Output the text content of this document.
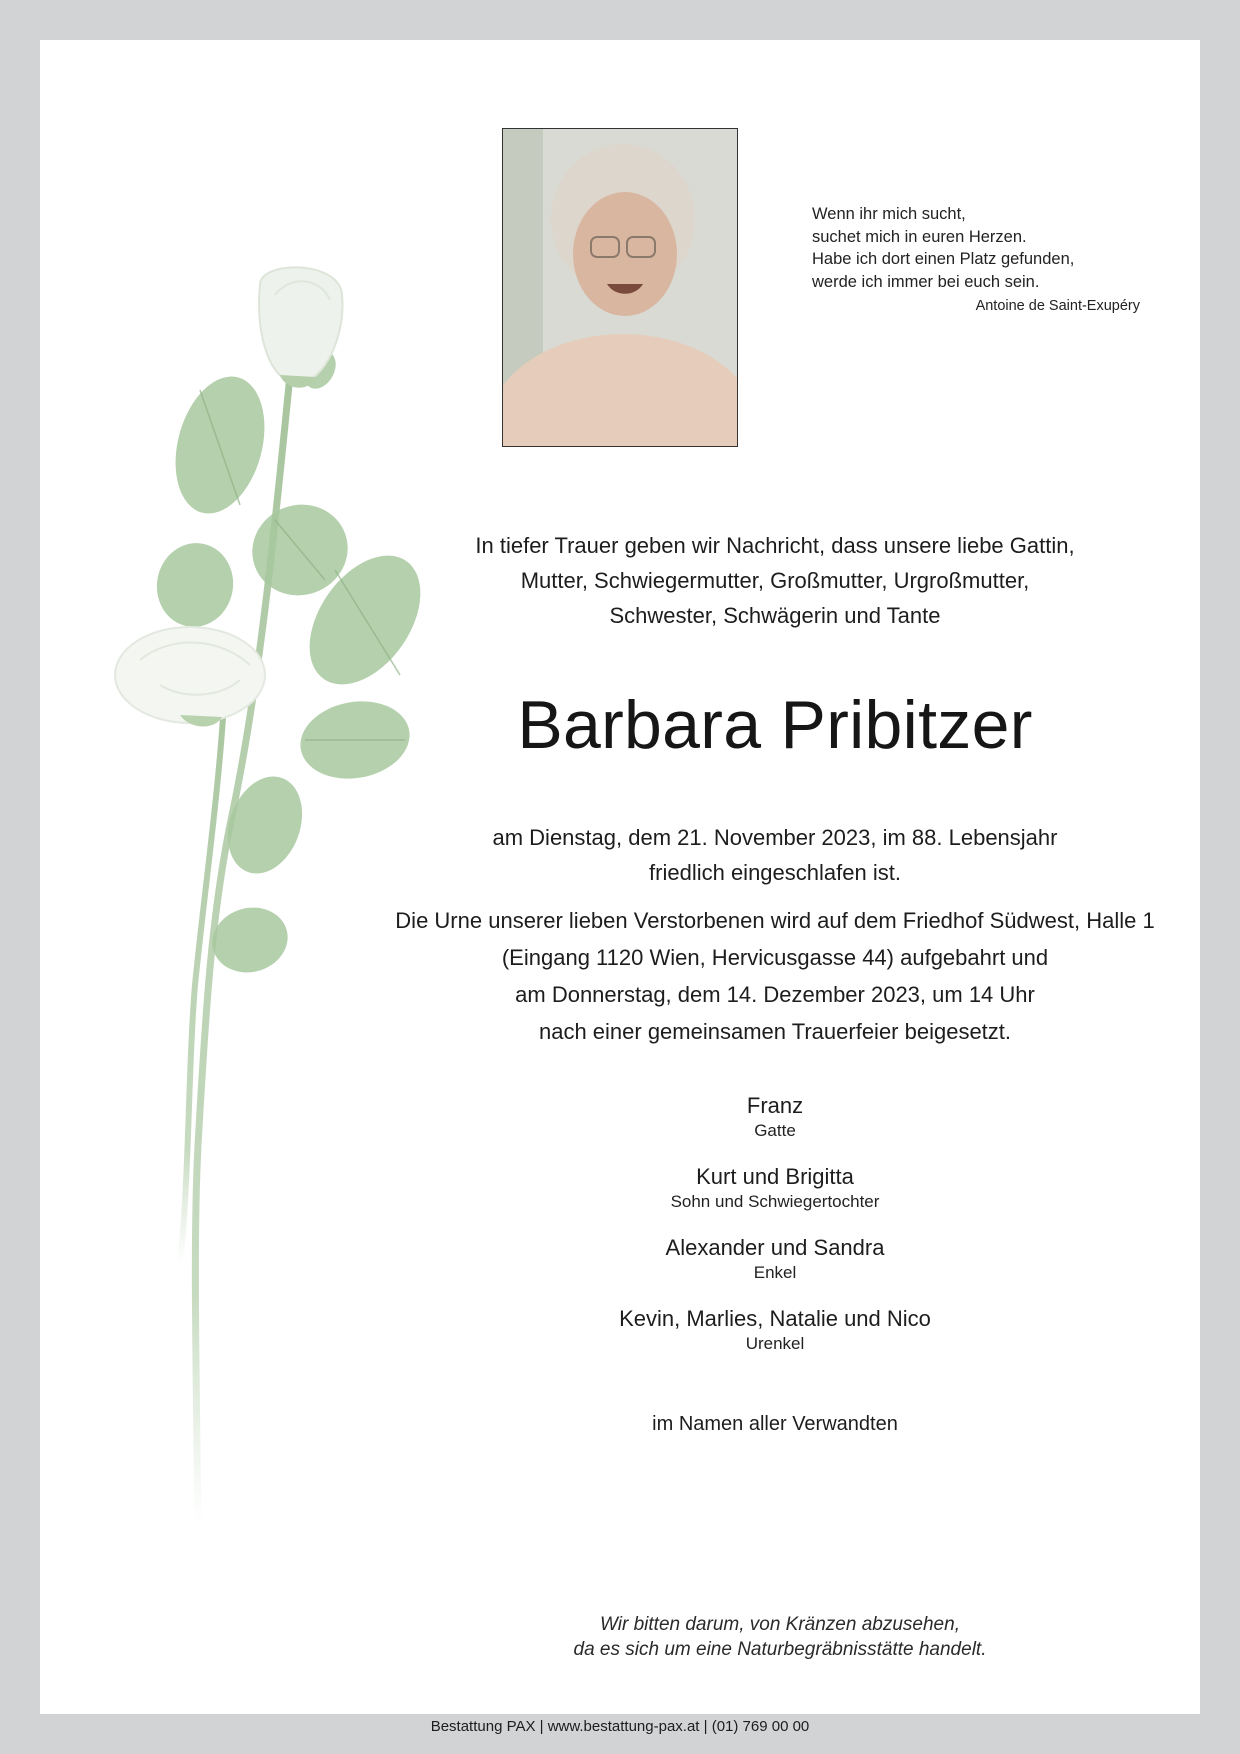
Wenn ihr mich sucht,
suchet mich in euren Herzen.
Habe ich dort einen Platz gefunden,
werde ich immer bei euch sein.
Antoine de Saint-Exupéry
In tiefer Trauer geben wir Nachricht, dass unsere liebe Gattin,
Mutter, Schwiegermutter, Großmutter, Urgroßmutter,
Schwester, Schwägerin und Tante
Barbara Pribitzer
am Dienstag, dem 21. November 2023, im 88. Lebensjahr
friedlich eingeschlafen ist.
Die Urne unserer lieben Verstorbenen wird auf dem Friedhof Südwest, Halle 1
(Eingang 1120 Wien, Hervicusgasse 44) aufgebahrt und
am Donnerstag, dem 14. Dezember 2023, um 14 Uhr
nach einer gemeinsamen Trauerfeier beigesetzt.
Franz
Gatte
Kurt und Brigitta
Sohn und Schwiegertochter
Alexander und Sandra
Enkel
Kevin, Marlies, Natalie und Nico
Urenkel
im Namen aller Verwandten
Wir bitten darum, von Kränzen abzusehen,
da es sich um eine Naturbegräbnisstätte handelt.
Bestattung PAX | www.bestattung-pax.at | (01) 769 00 00
